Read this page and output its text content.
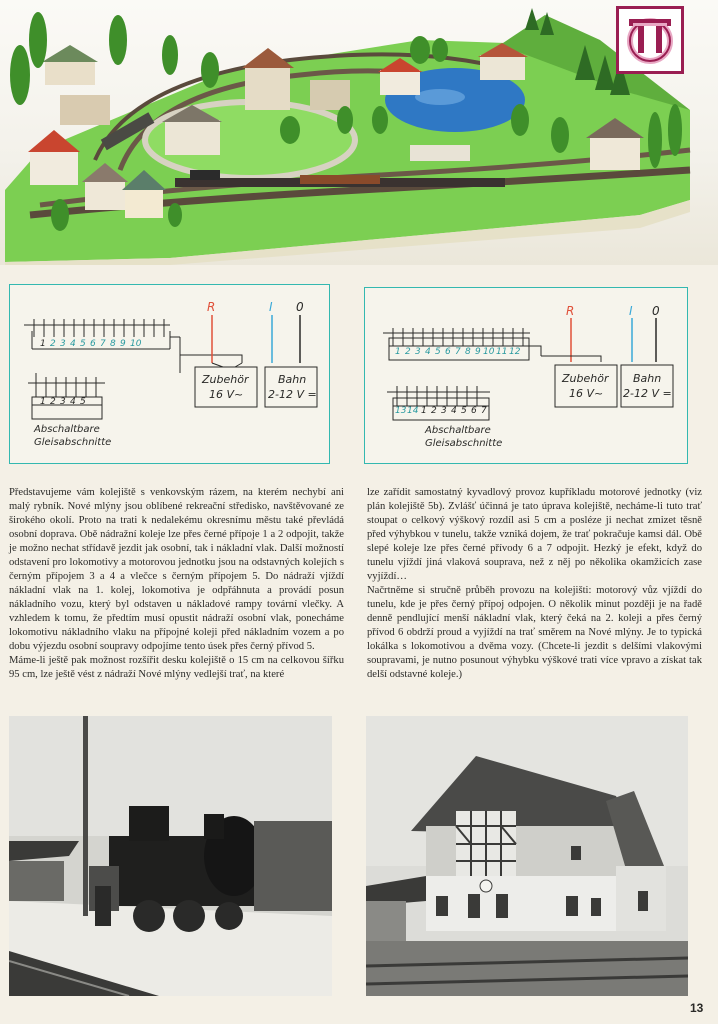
1 2 3 4 5 6 7 8 9 10
1 2 3 4 5
Abschaltbare
Gleisabschnitte
R	I 0
Zubehör
16 V~
Bahn
2-12 V =
1 2 3 4 5 6 7 8 9 10 11 12
13 14 1 2 3 4 5 6 7
Abschaltbare
Gleisabschnitte
R	I 0
Zubehör
16 V~
Bahn
2-12 V =

Představujeme vám kolejiště s venkovským rázem, na kterém nechybí ani malý rybník. Nové mlýny jsou oblíbené rekreační středisko, navštěvované ze širokého okolí. Proto na trati k nedalekému okresnímu městu také převládá osobní doprava. Obě nádražní koleje lze přes černé přípoje 1 a 2 odpojit, takže je možno nechat střídavě jezdit jak osobní, tak i nákladní vlak. Další možností odstavení pro lokomotivy a motorovou jednotku jsou na odstavných kolejích s černým přípojem 3 a 4 a vlečce s černým přípojem 5. Do nádraží vjíždí nákladní vlak na 1. kolej, lokomotiva je odpřáhnuta a provádí posun nákladního vozu, který byl odstaven u nákladové rampy tovární vlečky. A vzhledem k tomu, že předtím musí opustit nádraží osobní vlak, ponecháme lokomotivu nákladního vlaku na přípojné koleji před nákladním vozem a po dobu výjezdu osobní soupravy odpojíme tento úsek přes černý přívod 5.

Máme-li ještě pak možnost rozšířit desku kolejiště o 15 cm na celkovou šířku 95 cm, lze ještě vést z nádraží Nové mlýny vedlejší trať, na které

lze zařídit samostatný kyvadlový provoz kupříkladu motorové jednotky (viz plán kolejiště 5b). Zvlášť účinná je tato úprava kolejiště, necháme-li tuto trať stoupat o celkový výškový rozdíl asi 5 cm a posléze ji nechat zmizet těsně před výhybkou v tunelu, takže vzniká dojem, že trať pokračuje kamsi dál. Obě slepé koleje lze přes černé přívody 6 a 7 odpojit. Hezký je efekt, když do tunelu vjíždí jiná vlaková souprava, než z něj po několika okamžicích zase vyjíždí…

Načrtněme si stručně průběh provozu na kolejišti: motorový vůz vjíždí do tunelu, kde je přes černý přípoj odpojen. O několik minut později je na řadě denně pendlující menší nákladní vlak, který čeká na 2. koleji a přes černý přívod 6 obdrží proud a vyjíždí na trať směrem na Nové mlýny. Je to typická lokálka s lokomotivou a dvěma vozy. (Chcete-li jezdit s delšími vlakovými soupravami, je nutno posunout výhybku výškové trati více vpravo a získat tak delší odstavné koleje.)

13
